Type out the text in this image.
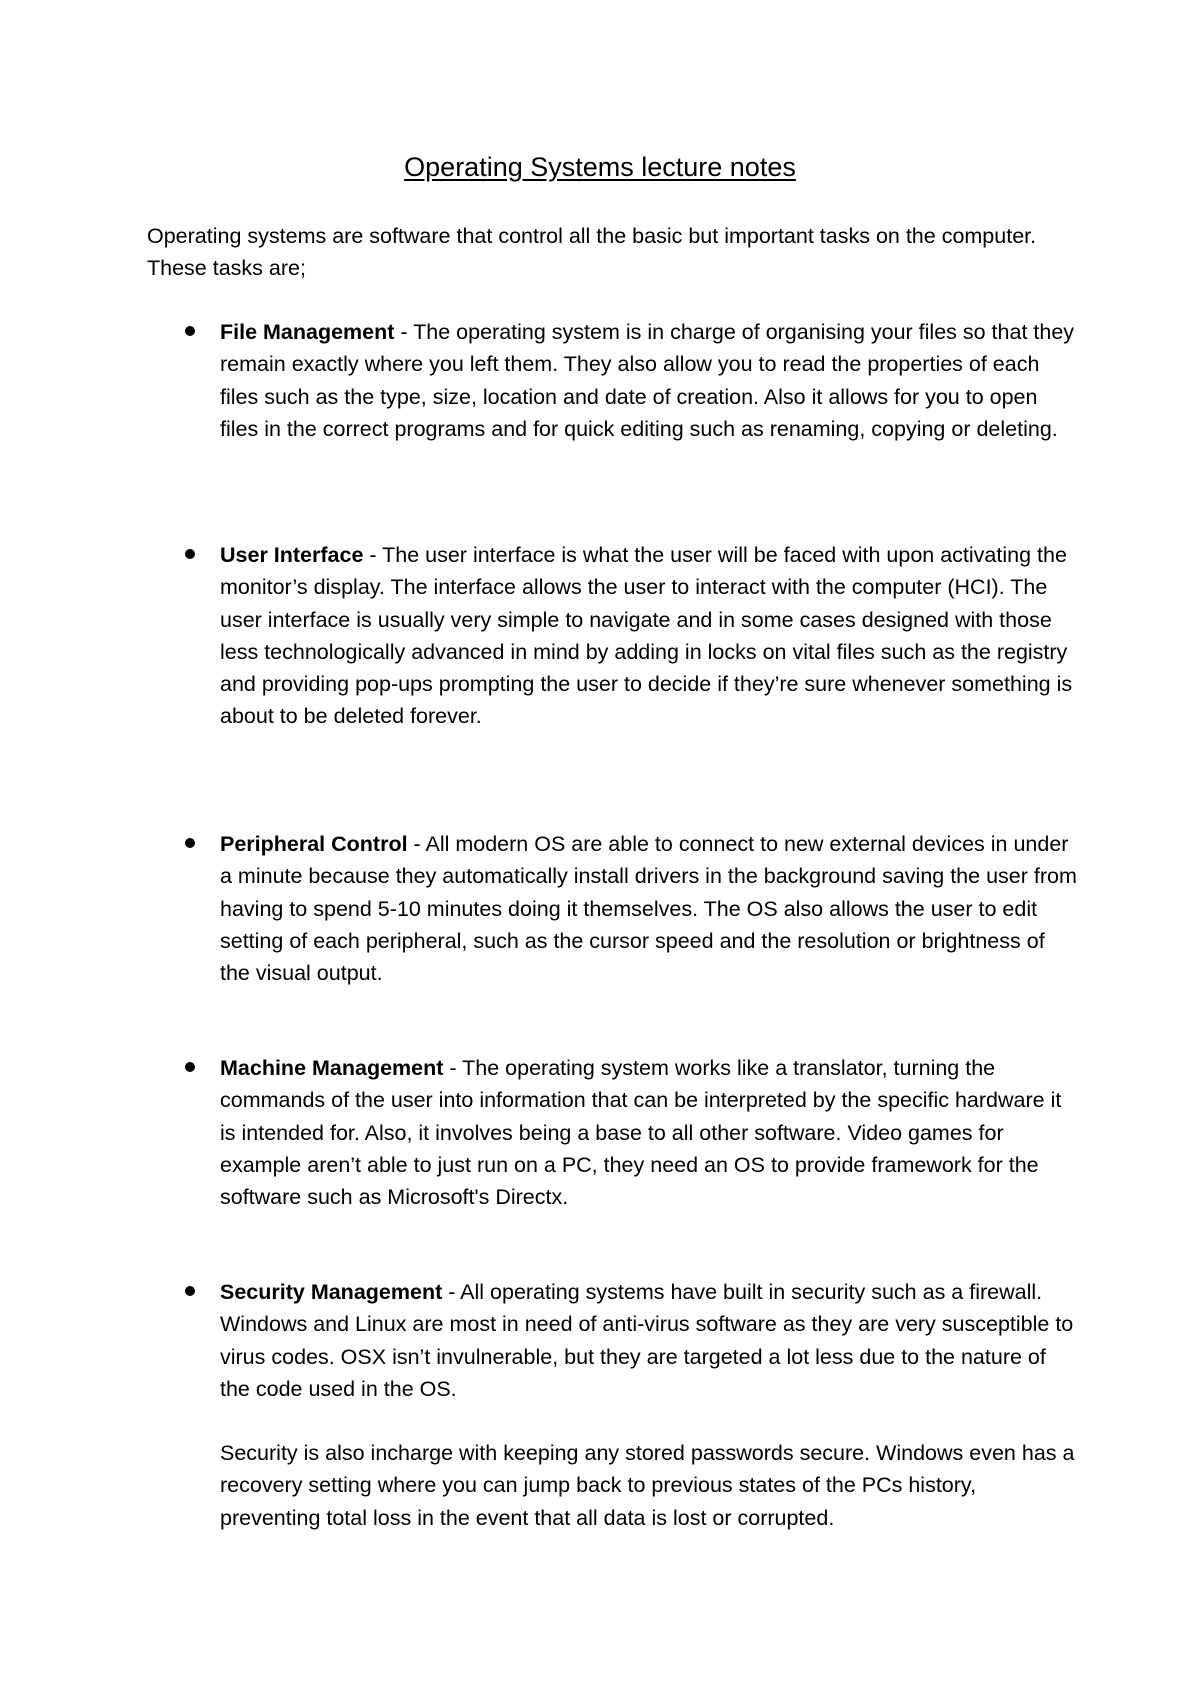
Operating Systems lecture notes
Operating systems are software that control all the basic but important tasks on the computer. These tasks are;
File Management - The operating system is in charge of organising your files so that they remain exactly where you left them. They also allow you to read the properties of each files such as the type, size, location and date of creation. Also it allows for you to open files in the correct programs and for quick editing such as renaming, copying or deleting.
User Interface - The user interface is what the user will be faced with upon activating the monitor’s display. The interface allows the user to interact with the computer (HCI). The user interface is usually very simple to navigate and in some cases designed with those less technologically advanced in mind by adding in locks on vital files such as the registry and providing pop-ups prompting the user to decide if they’re sure whenever something is about to be deleted forever.
Peripheral Control - All modern OS are able to connect to new external devices in under a minute because they automatically install drivers in the background saving the user from having to spend 5-10 minutes doing it themselves. The OS also allows the user to edit setting of each peripheral, such as the cursor speed and the resolution or brightness of the visual output.
Machine Management - The operating system works like a translator, turning the commands of the user into information that can be interpreted by the specific hardware it is intended for. Also, it involves being a base to all other software. Video games for example aren’t able to just run on a PC, they need an OS to provide framework for the software such as Microsoft's Directx.
Security Management - All operating systems have built in security such as a firewall. Windows and Linux are most in need of anti-virus software as they are very susceptible to virus codes. OSX isn’t invulnerable, but they are targeted a lot less due to the nature of the code used in the OS.
Security is also incharge with keeping any stored passwords secure. Windows even has a recovery setting where you can jump back to previous states of the PCs history, preventing total loss in the event that all data is lost or corrupted.
